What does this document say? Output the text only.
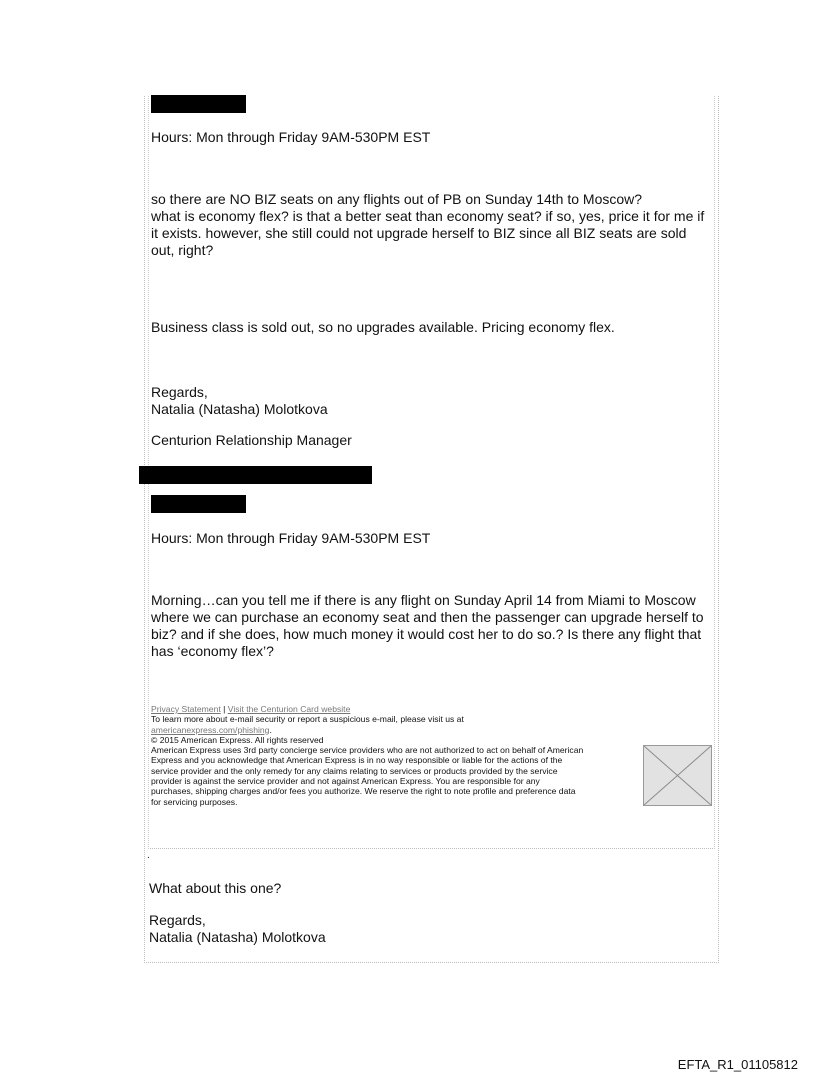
Hours: Mon through Friday 9AM-530PM EST
so there are NO BIZ seats on any flights out of PB on Sunday 14th to Moscow?
what is economy flex? is that a better seat than economy seat? if so, yes, price it for me if
it exists. however, she still could not upgrade herself to BIZ since all BIZ seats are sold
out, right?
Business class is sold out, so no upgrades available. Pricing economy flex.
Regards,
Natalia (Natasha) Molotkova
Centurion Relationship Manager
Hours: Mon through Friday 9AM-530PM EST
Morning…can you tell me if there is any flight on Sunday April 14 from Miami to Moscow
where we can purchase an economy seat and then the passenger can upgrade herself to
biz? and if she does, how much money it would cost her to do so.? Is there any flight that
has ‘economy flex’?
Privacy Statement | Visit the Centurion Card website
To learn more about e-mail security or report a suspicious e-mail, please visit us at
americanexpress.com/phishing.
© 2015 American Express. All rights reserved
American Express uses 3rd party concierge service providers who are not authorized to act on behalf of American
Express and you acknowledge that American Express is in no way responsible or liable for the actions of the
service provider and the only remedy for any claims relating to services or products provided by the service
provider is against the service provider and not against American Express. You are responsible for any
purchases, shipping charges and/or fees you authorize. We reserve the right to note profile and preference data
for servicing purposes.
.
What about this one?
Regards,
Natalia (Natasha) Molotkova
EFTA_R1_01105812
